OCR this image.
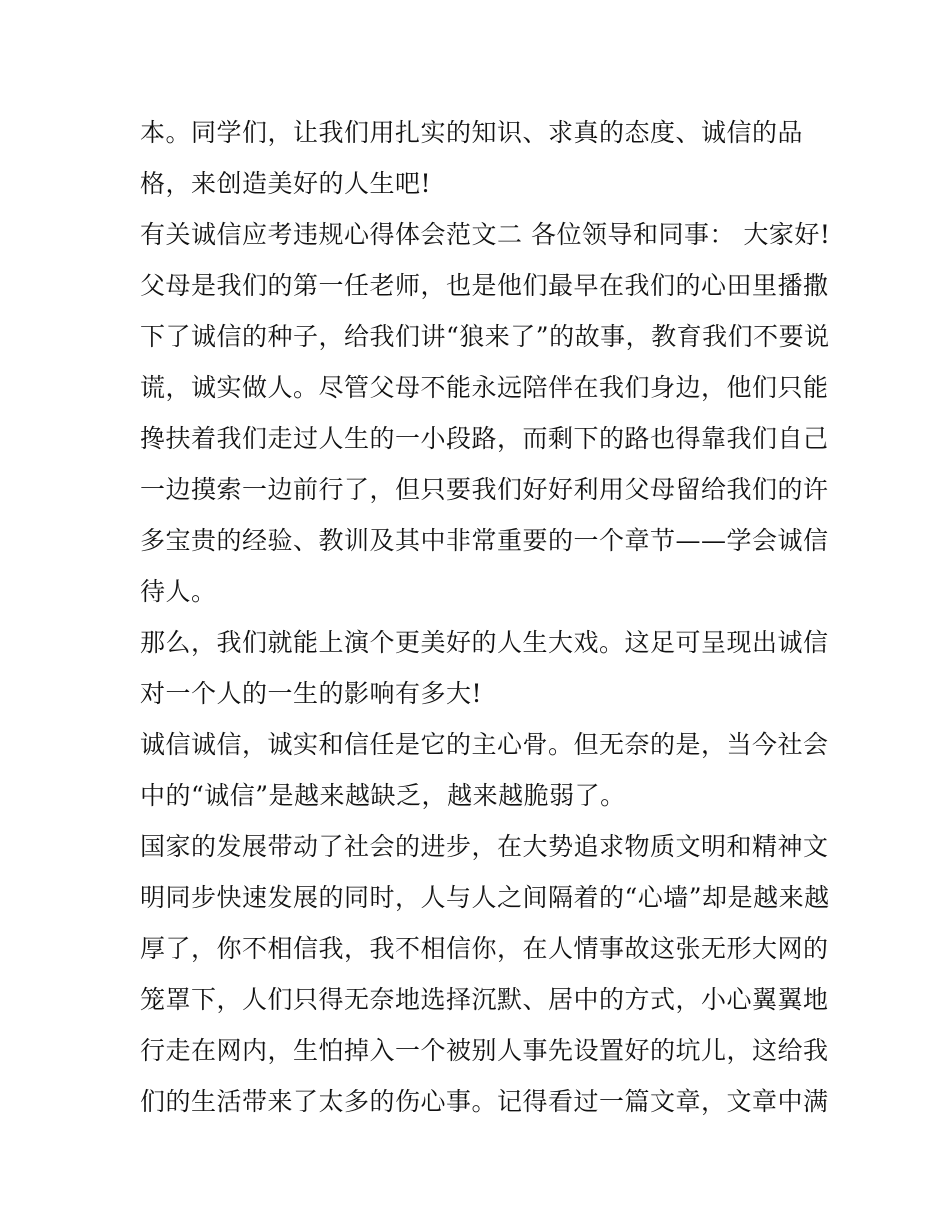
本。同学们，让我们用扎实的知识、求真的态度、诚信的品
格，来创造美好的人生吧!
有关诚信应考违规心得体会范文二 各位领导和同事： 大家好!
父母是我们的第一任老师，也是他们最早在我们的心田里播撒
下了诚信的种子，给我们讲“狼来了”的故事，教育我们不要说
谎，诚实做人。尽管父母不能永远陪伴在我们身边，他们只能
搀扶着我们走过人生的一小段路，而剩下的路也得靠我们自己
一边摸索一边前行了，但只要我们好好利用父母留给我们的许
多宝贵的经验、教训及其中非常重要的一个章节——学会诚信
待人。
那么，我们就能上演个更美好的人生大戏。这足可呈现出诚信
对一个人的一生的影响有多大!
诚信诚信，诚实和信任是它的主心骨。但无奈的是，当今社会
中的“诚信”是越来越缺乏，越来越脆弱了。
国家的发展带动了社会的进步，在大势追求物质文明和精神文
明同步快速发展的同时，人与人之间隔着的“心墙”却是越来越
厚了，你不相信我，我不相信你，在人情事故这张无形大网的
笼罩下，人们只得无奈地选择沉默、居中的方式，小心翼翼地
行走在网内，生怕掉入一个被别人事先设置好的坑儿，这给我
们的生活带来了太多的伤心事。记得看过一篇文章，文章中满
